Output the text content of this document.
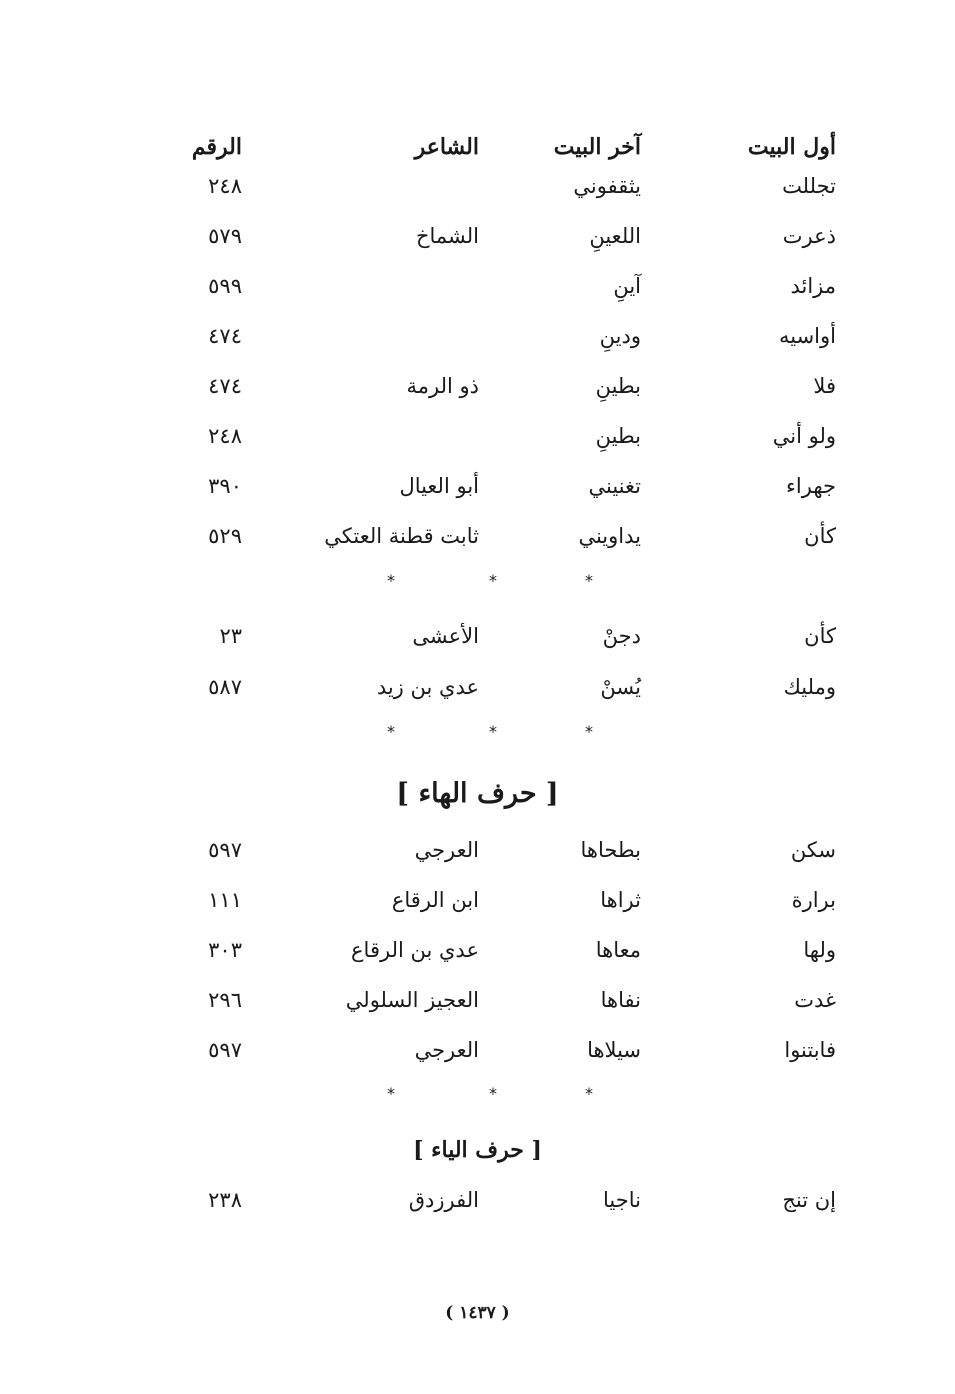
أول البيت
آخر البيت
الشاعر
الرقم
تجللت
يثقفوني
٢٤٨
ذعرت
اللعينِ
الشماخ
٥٧٩
مزائد
آينِ
٥٩٩
أواسيه
ودينِ
٤٧٤
فلا
بطينِ
ذو الرمة
٤٧٤
ولو أني
بطينِ
٢٤٨
جهراء
تغنيني
أبو العيال
٣٩٠
كأن
يداويني
ثابت قطنة العتكي
٥٢٩
*
*
*
كأن
دجنْ
الأعشى
٢٣
ومليك
يُسنْ
عدي بن زيد
٥٨٧
*
*
*
[ حرف الهاء ]
سكن
بطحاها
العرجي
٥٩٧
برارة
ثراها
ابن الرقاع
١١١
ولها
معاها
عدي بن الرقاع
٣٠٣
غدت
نفاها
العجيز السلولي
٢٩٦
فابتنوا
سيلاها
العرجي
٥٩٧
*
*
*
[ حرف الياء ]
إن تنج
ناجيا
الفرزدق
٢٣٨
( ١٤٣٧ )
